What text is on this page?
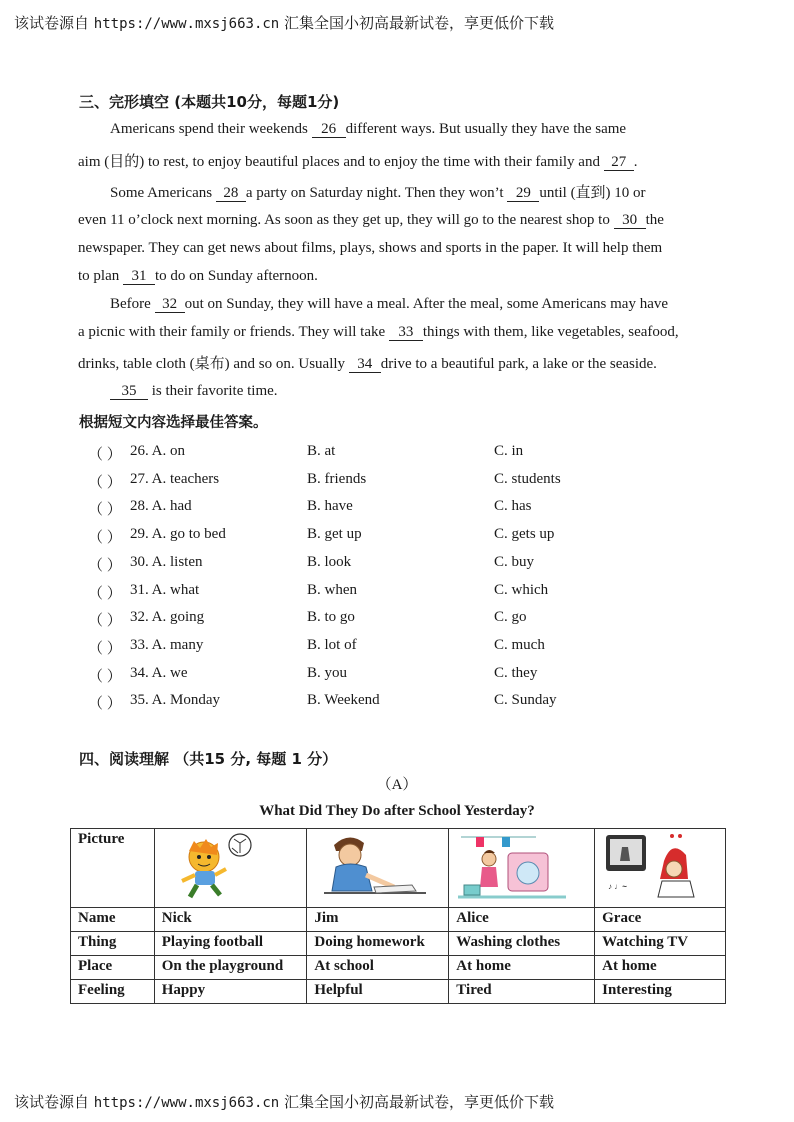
该试卷源自 https://www.mxsj663.cn 汇集全国小初高最新试卷，享更低价下载
三、完形填空 (本题共10分，每题1分)
Americans spend their weekends 26 different ways. But usually they have the same
aim (目的) to rest, to enjoy beautiful places and to enjoy the time with their family and 27 .
Some Americans 28 a party on Saturday night. Then they won’t 29 until (直到) 10 or
even 11 o’clock next morning. As soon as they get up, they will go to the nearest shop to 30 the
newspaper. They can get news about films, plays, shows and sports in the paper. It will help them
to plan 31 to do on Sunday afternoon.
Before 32 out on Sunday, they will have a meal. After the meal, some Americans may have
a picnic with their family or friends. They will take 33 things with them, like vegetables, seafood,
drinks, table cloth (桌布) and so on. Usually 34 drive to a beautiful park, a lake or the seaside.
35 is their favorite time.
根据短文内容选择最佳答案。
（ ） 26. A. on	B. at	C. in
（ ） 27. A. teachers	B. friends	C. students
（ ） 28. A. had	B. have	C. has
（ ） 29. A. go to bed	B. get up	C. gets up
（ ） 30. A. listen	B. look	C. buy
（ ） 31. A. what	B. when	C. which
（ ） 32. A. going	B. to go	C. go
（ ） 33. A. many	B. lot of	C. much
（ ） 34. A. we	B. you	C. they
（ ） 35. A. Monday	B. Weekend	C. Sunday
四、阅读理解 （共15 分, 每题 1 分）
（A）
What Did They Do after School Yesterday?
Picture				♪ ♩~

Name	Nick	Jim	Alice	Grace
Thing	Playing football	Doing homework	Washing clothes	Watching TV
Place	On the playground	At school	At home	At home
Feeling	Happy	Helpful	Tired	Interesting
该试卷源自 https://www.mxsj663.cn 汇集全国小初高最新试卷，享更低价下载
